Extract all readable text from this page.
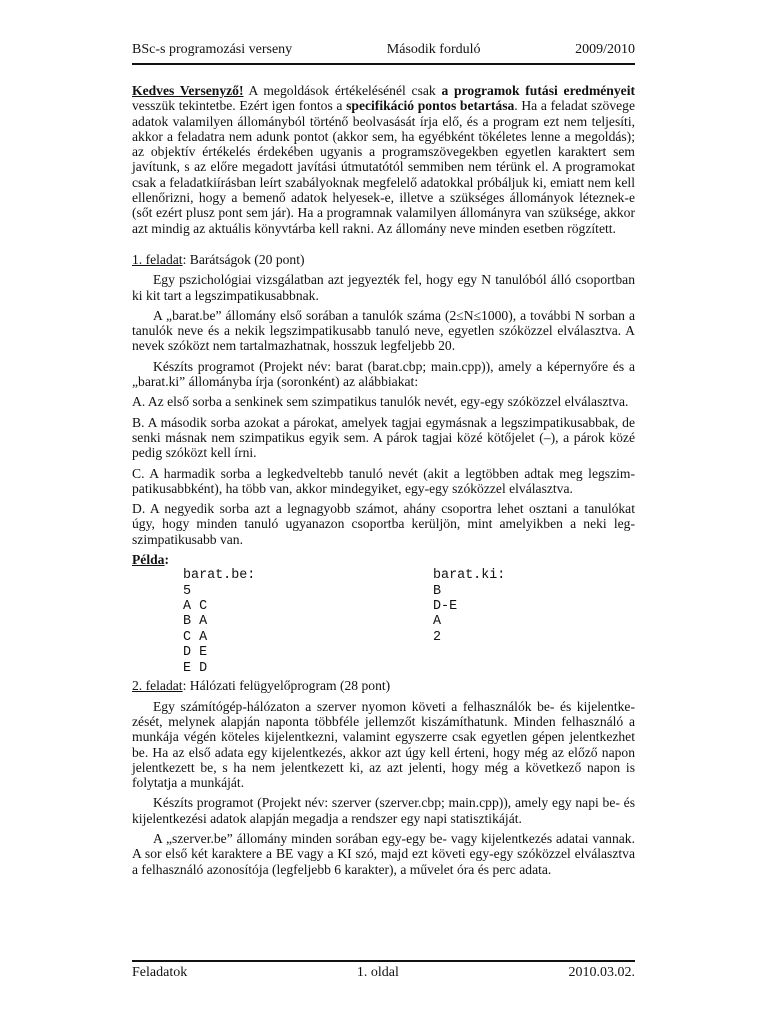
BSc-s programozási verseny	Második forduló	2009/2010

Kedves Versenyző! A megoldások értékelésénél csak a programok futási eredményeit vesszük tekintetbe. Ezért igen fontos a specifikáció pontos betartása. Ha a feladat szövege adatok valamilyen állományból történő beolvasását írja elő, és a program ezt nem teljesíti, akkor a feladatra nem adunk pontot (akkor sem, ha egyébként tökéletes lenne a megoldás); az objektív értékelés érdekében ugyanis a programszövegekben egyetlen karaktert sem javítunk, s az előre megadott javítási útmutatótól semmiben nem térünk el. A programokat csak a feladatkiírásban leírt szabályoknak megfelelő adatokkal próbáljuk ki, emiatt nem kell ellenőrizni, hogy a bemenő adatok helyesek-e, illetve a szükséges állományok léteznek-e (sőt ezért plusz pont sem jár). Ha a programnak valamilyen állományra van szüksége, akkor azt mindig az aktuális könyvtárba kell rakni. Az állomány neve minden esetben rögzített.

1. feladat: Barátságok (20 pont)

Egy pszichológiai vizsgálatban azt jegyezték fel, hogy egy N tanulóból álló csoportban ki kit tart a legszimpatikusabbnak.

A „barat.be” állomány első sorában a tanulók száma (2≤N≤1000), a további N sorban a tanulók neve és a nekik legszimpatikusabb tanuló neve, egyetlen szóközzel elválasztva. A nevek szóközt nem tartalmazhatnak, hosszuk legfeljebb 20.

Készíts programot (Projekt név: barat (barat.cbp; main.cpp)), amely a képernyőre és a „barat.ki” állományba írja (soronként) az alábbiakat:

A. Az első sorba a senkinek sem szimpatikus tanulók nevét, egy-egy szóközzel elválasztva.

B. A második sorba azokat a párokat, amelyek tagjai egymásnak a legszimpatikusabbak, de senki másnak nem szimpatikus egyik sem. A párok tagjai közé kötőjelet (–), a párok közé pedig szóközt kell írni.

C. A harmadik sorba a legkedveltebb tanuló nevét (akit a legtöbben adtak meg legszimpatikusabbként), ha több van, akkor mindegyiket, egy-egy szóközzel elválasztva.

D. A negyedik sorba azt a legnagyobb számot, ahány csoportra lehet osztani a tanulókat úgy, hogy minden tanuló ugyanazon csoportba kerüljön, mint amelyikben a neki legszimpatikusabb van.

Példa:

barat.be:
5
A C
B A
C A
D E
E D
barat.ki:
B
D-E
A
2

2. feladat: Hálózati felügyelőprogram (28 pont)

Egy számítógép-hálózaton a szerver nyomon követi a felhasználók be- és kijelentkezését, melynek alapján naponta többféle jellemzőt kiszámíthatunk. Minden felhasználó a munkája végén köteles kijelentkezni, valamint egyszerre csak egyetlen gépen jelentkezhet be. Ha az első adata egy kijelentkezés, akkor azt úgy kell érteni, hogy még az előző napon jelentkezett be, s ha nem jelentkezett ki, az azt jelenti, hogy még a következő napon is folytatja a munkáját.

Készíts programot (Projekt név: szerver (szerver.cbp; main.cpp)), amely egy napi be- és kijelentkezési adatok alapján megadja a rendszer egy napi statisztikáját.

A „szerver.be” állomány minden sorában egy-egy be- vagy kijelentkezés adatai vannak. A sor első két karaktere a BE vagy a KI szó, majd ezt követi egy-egy szóközzel elválasztva a felhasználó azonosítója (legfeljebb 6 karakter), a művelet óra és perc adata.

Feladatok	1. oldal	2010.03.02.
